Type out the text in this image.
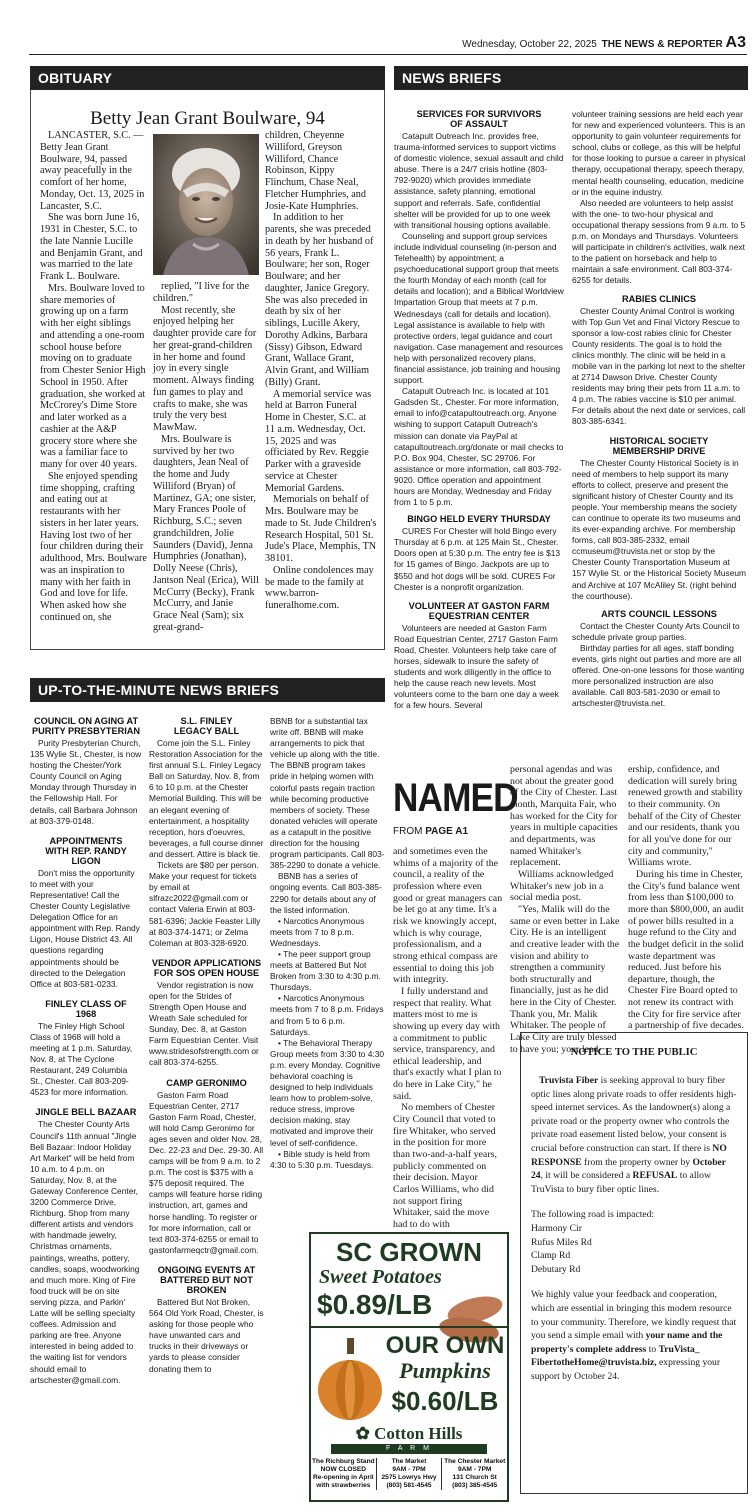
Wednesday, October 22, 2025 THE NEWS & REPORTER A3
OBITUARY
Betty Jean Grant Boulware, 94

LANCASTER, S.C. — Betty Jean Grant Boulware, 94, passed away peacefully in the comfort of her home, Monday, Oct. 13, 2025 in Lancaster, S.C.

She was born June 16, 1931 in Chester, S.C. to the late Nannie Lucille and Benjamin Grant, and was married to the late Frank L. Boulware.

Mrs. Boulware loved to share memories of growing up on a farm with her eight siblings and attending a one-room school house before moving on to graduate from Chester Senior High School in 1950. After graduation, she worked at McCrorey's Dime Store and later worked as a cashier at the A&P grocery store where she was a familiar face to many for over 40 years.

She enjoyed spending time shopping, crafting and eating out at restaurants with her sisters in her later years. Having lost two of her four children during their adulthood, Mrs. Boulware was an inspiration to many with her faith in God and love for life. When asked how she continued on, she

replied, "I live for the children."

Most recently, she enjoyed helping her daughter provide care for her great-grand-children in her home and found joy in every single moment. Always finding fun games to play and crafts to make, she was truly the very best MawMaw.

Mrs. Boulware is survived by her two daughters, Jean Neal of the home and Judy Williford (Bryan) of Martinez, GA; one sister, Mary Frances Poole of Richburg, S.C.; seven grandchildren, Jolie Saunders (David), Jenna Humphries (Jonathan), Dolly Neese (Chris), Jantson Neal (Erica), Will McCurry (Becky), Frank McCurry, and Janie Grace Neal (Sam); six great-grand-

children, Cheyenne Williford, Greyson Williford, Chance Robinson, Kippy Flinchum, Chase Neal, Fletcher Humphries, and Josie-Kate Humphries.

In addition to her parents, she was preceded in death by her husband of 56 years, Frank L. Boulware; her son, Roger Boulware; and her daughter, Janice Gregory. She was also preceded in death by six of her siblings, Lucille Akery, Dorothy Adkins, Barbara (Sissy) Gibson, Edward Grant, Wallace Grant, Alvin Grant, and William (Billy) Grant.

A memorial service was held at Barron Funeral Home in Chester, S.C. at 11 a.m. Wednesday, Oct. 15, 2025 and was officiated by Rev. Reggie Parker with a graveside service at Chester Memorial Gardens.

Memorials on behalf of Mrs. Boulware may be made to St. Jude Children's Research Hospital, 501 St. Jude's Place, Memphis, TN 38101.

Online condolences may be made to the family at www.barron-funeralhome.com.

NEWS BRIEFS
SERVICES FOR SURVIVORS OF ASSAULT

Catapult Outreach Inc. provides free, trauma-informed services to support victims of domestic violence, sexual assault and child abuse. There is a 24/7 crisis hotline (803-792-9020) which provides immediate assistance, safety planning, emotional support and referrals. Safe, confidential shelter will be provided for up to one week with transitional housing options available.

Counseling and support group services include individual counseling (in-person and Telehealth) by appointment; a psychoeducational support group that meets the fourth Monday of each month (call for details and location); and a Biblical Worldview Impartation Group that meets at 7 p.m. Wednesdays (call for details and location). Legal assistance is available to help with protective orders, legal guidance and court navigation. Case management and resources help with personalized recovery plans, financial assistance, job training and housing support.

Catapult Outreach Inc. is located at 101 Gadsden St., Chester. For more information, email to info@catapultoutreach.org. Anyone wishing to support Catapult Outreach's mission can donate via PayPal at catapultoutreach.org/donate or mail checks to P.O. Box 904, Chester, SC 29706. For assistance or more information, call 803-792-9020. Office operation and appointment hours are Monday, Wednesday and Friday from 1 to 5 p.m.

BINGO HELD EVERY THURSDAY

CURES For Chester will hold Bingo every Thursday at 6 p.m. at 125 Main St., Chester. Doors open at 5:30 p.m. The entry fee is $13 for 15 games of Bingo. Jackpots are up to $550 and hot dogs will be sold. CURES For Chester is a nonprofit organization.

VOLUNTEER AT GASTON FARM EQUESTRIAN CENTER

Volunteers are needed at Gaston Farm Road Equestrian Center, 2717 Gaston Farm Road, Chester. Volunteers help take care of horses, sidewalk to insure the safety of students and work diligently in the office to help the cause reach new levels. Most volunteers come to the barn one day a week for a few hours. Several

volunteer training sessions are held each year for new and experienced volunteers. This is an opportunity to gain volunteer requirements for school, clubs or college, as this will be helpful for those looking to pursue a career in physical therapy, occupational therapy, speech therapy, mental health counseling, education, medicine or in the equine industry.

Also needed are volunteers to help assist with the one- to two-hour physical and occupational therapy sessions from 9 a.m. to 5 p.m. on Mondays and Thursdays. Volunteers will participate in children's activities, walk next to the patient on horseback and help to maintain a safe environment. Call 803-374-6255 for details.

RABIES CLINICS

Chester County Animal Control is working with Top Gun Vet and Final Victory Rescue to sponsor a low-cost rabies clinic for Chester County residents. The goal is to hold the clinics monthly. The clinic will be held in a mobile van in the parking lot next to the shelter at 2714 Dawson Drive. Chester County residents may bring their pets from 11 a.m. to 4 p.m. The rabies vaccine is $10 per animal. For details about the next date or services, call 803-385-6341.

HISTORICAL SOCIETY MEMBERSHIP DRIVE

The Chester County Historical Society is in need of members to help support its many efforts to collect, preserve and present the significant history of Chester County and its people. Your membership means the society can continue to operate its two museums and its ever-expanding archive. For membership forms, call 803-385-2332, email ccmuseum@truvista.net or stop by the Chester County Transportation Museum at 157 Wylie St. or the Historical Society Museum and Archive at 107 McAliley St. (right behind the courthouse).

ARTS COUNCIL LESSONS

Contact the Chester County Arts Council to schedule private group parties.

Birthday parties for all ages, staff bonding events, girls night out parties and more are all offered. One-on-one lessons for those wanting more personalized instruction are also available. Call 803-581-2030 or email to artschester@truvista.net.

UP-TO-THE-MINUTE NEWS BRIEFS
COUNCIL ON AGING AT PURITY PRESBYTERIAN

Purity Presbyterian Church, 135 Wylie St., Chester, is now hosting the Chester/York County Council on Aging Monday through Thursday in the Fellowship Hall. For details, call Barbara Johnson at 803-379-0148.

APPOINTMENTS WITH REP. RANDY LIGON

Don't miss the opportunity to meet with your Representative! Call the Chester County Legislative Delegation Office for an appointment with Rep. Randy Ligon, House District 43. All questions regarding appointments should be directed to the Delegation Office at 803-581-0233.

FINLEY CLASS OF 1968

The Finley High School Class of 1968 will hold a meeting at 1 p.m. Saturday, Nov. 8, at The Cyclone Restaurant, 249 Columbia St., Chester. Call 803-209-4523 for more information.

JINGLE BELL BAZAAR

The Chester County Arts Council's 11th annual "Jingle Bell Bazaar: Indoor Holiday Art Market" will be held from 10 a.m. to 4 p.m. on Saturday, Nov. 8, at the Gateway Conference Center, 3200 Commerce Drive, Richburg. Shop from many different artists and vendors with handmade jewelry, Christmas ornaments, paintings, wreaths, pottery, candles, soaps, woodworking and much more. King of Fire food truck will be on site serving pizza, and Parkin' Latte will be selling specialty coffees. Admission and parking are free. Anyone interested in being added to the waiting list for vendors should email to artschester@gmail.com.

S.L. FINLEY LEGACY BALL

Come join the S.L. Finley Restoration Association for the first annual S.L. Finley Legacy Ball on Saturday, Nov. 8, from 6 to 10 p.m. at the Chester Memorial Building. This will be an elegant evening of entertainment, a hospitality reception, hors d'oeuvres, beverages, a full course dinner and dessert. Attire is black tie.

Tickets are $80 per person. Make your request for tickets by email at slfrazc2022@gmail.com or contact Valeria Erwin at 803-581-6396; Jackie Feaster Lilly at 803-374-1471; or Zelma Coleman at 803-328-6920.

VENDOR APPLICATIONS FOR SOS OPEN HOUSE

Vendor registration is now open for the Strides of Strength Open House and Wreath Sale scheduled for Sunday, Dec. 8, at Gaston Farm Equestrian Center. Visit www.stridesofstrength.com or call 803-374-6255.

CAMP GERONIMO

Gaston Farm Road Equestrian Center, 2717 Gaston Farm Road, Chester, will hold Camp Geronimo for ages seven and older Nov. 28, Dec. 22-23 and Dec. 29-30. All camps will be from 9 a.m. to 2 p.m. The cost is $375 with a $75 deposit required. The camps will feature horse riding instruction, art, games and horse handling. To register or for more information, call or text 803-374-6255 or email to gastonfarmeqctr@gmail.com.

ONGOING EVENTS AT BATTERED BUT NOT BROKEN

Battered But Not Broken, 564 Old York Road, Chester, is asking for those people who have unwanted cars and trucks in their driveways or yards to please consider donating them to

BBNB for a substantial tax write off. BBNB will make arrangements to pick that vehicle up along with the title. The BBNB program takes pride in helping women with colorful pasts regain traction while becoming productive members of society. These donated vehicles will operate as a catapult in the positive direction for the housing program participants. Call 803-385-2290 to donate a vehicle.

BBNB has a series of ongoing events. Call 803-385-2290 for details about any of the listed information.

• Narcotics Anonymous meets from 7 to 8 p.m. Wednesdays.

• The peer support group meets at Battered But Not Broken from 3:30 to 4:30 p.m. Thursdays.

• Narcotics Anonymous meets from 7 to 8 p.m. Fridays and from 5 to 6 p.m. Saturdays.

• The Behavioral Therapy Group meets from 3:30 to 4:30 p.m. every Monday. Cognitive behavioral coaching is designed to help individuals learn how to problem-solve, reduce stress, improve decision making, stay motivated and improve their level of self-confidence.

• Bible study is held from 4:30 to 5:30 p.m. Tuesdays.

NAMED
FROM PAGE A1

and sometimes even the whims of a majority of the council, a reality of the profession where even good or great managers can be let go at any time. It's a risk we knowingly accept, which is why courage, professionalism, and a strong ethical compass are essential to doing this job with integrity.

I fully understand and respect that reality. What matters most to me is showing up every day with a commitment to public service, transparency, and ethical leadership, and that's exactly what I plan to do here in Lake City," he said.

No members of Chester City Council that voted to fire Whitaker, who served in the position for more than two-and-a-half years, publicly commented on their decision. Mayor Carlos Williams, who did not support firing Whitaker, said the move had to do with

personal agendas and was not about the greater good of the City of Chester. Last month, Marquita Fair, who has worked for the City for years in multiple capacities and departments, was named Whitaker's replacement.

Williams acknowledged Whitaker's new job in a social media post.

"Yes, Malik will do the same or even better in Lake City. He is an intelligent and creative leader with the vision and ability to strengthen a community both structurally and financially, just as he did here in the City of Chester. Thank you, Mr. Malik Whitaker. The people of Lake City are truly blessed to have you; your lead-

ership, confidence, and dedication will surely bring renewed growth and stability to their community. On behalf of the City of Chester and our residents, thank you for all you've done for our city and community," Williams wrote.

During his time in Chester, the City's fund balance went from less than $100,000 to more than $800,000, an audit of power bills resulted in a huge refund to the City and the budget deficit in the solid waste department was reduced. Just before his departure, though, the Chester Fire Board opted to not renew its contract with the City for fire service after a partnership of five decades.

SC GROWN
Sweet Potatoes
$0.89/LB
OUR OWN
Pumpkins
$0.60/LB
✿ Cotton Hills
F A R M
The Richburg Stand
NOW CLOSED
Re-opening in April
with strawberries
The Market
9AM - 7PM
2575 Lowrys Hwy
(803) 581-4545
The Chester Market
9AM - 7PM
131 Church St
(803) 385-4545
NOTICE TO THE PUBLIC

Truvista Fiber is seeking approval to bury fiber optic lines along private roads to offer residents high-speed internet services. As the landowner(s) along a private road or the property owner who controls the private road easement listed below, your consent is crucial before construction can start. If there is NO RESPONSE from the property owner by October 24, it will be considered a REFUSAL to allow TruVista to bury fiber optic lines.

The following road is impacted:

Harmony Cir
Rufus Miles Rd
Clamp Rd
Debutary Rd

We highly value your feedback and cooperation, which are essential in bringing this modern resource to your community. Therefore, we kindly request that you send a simple email with your name and the property's complete address to TruVista_ FibertotheHome@truvista.biz, expressing your support by October 24.
